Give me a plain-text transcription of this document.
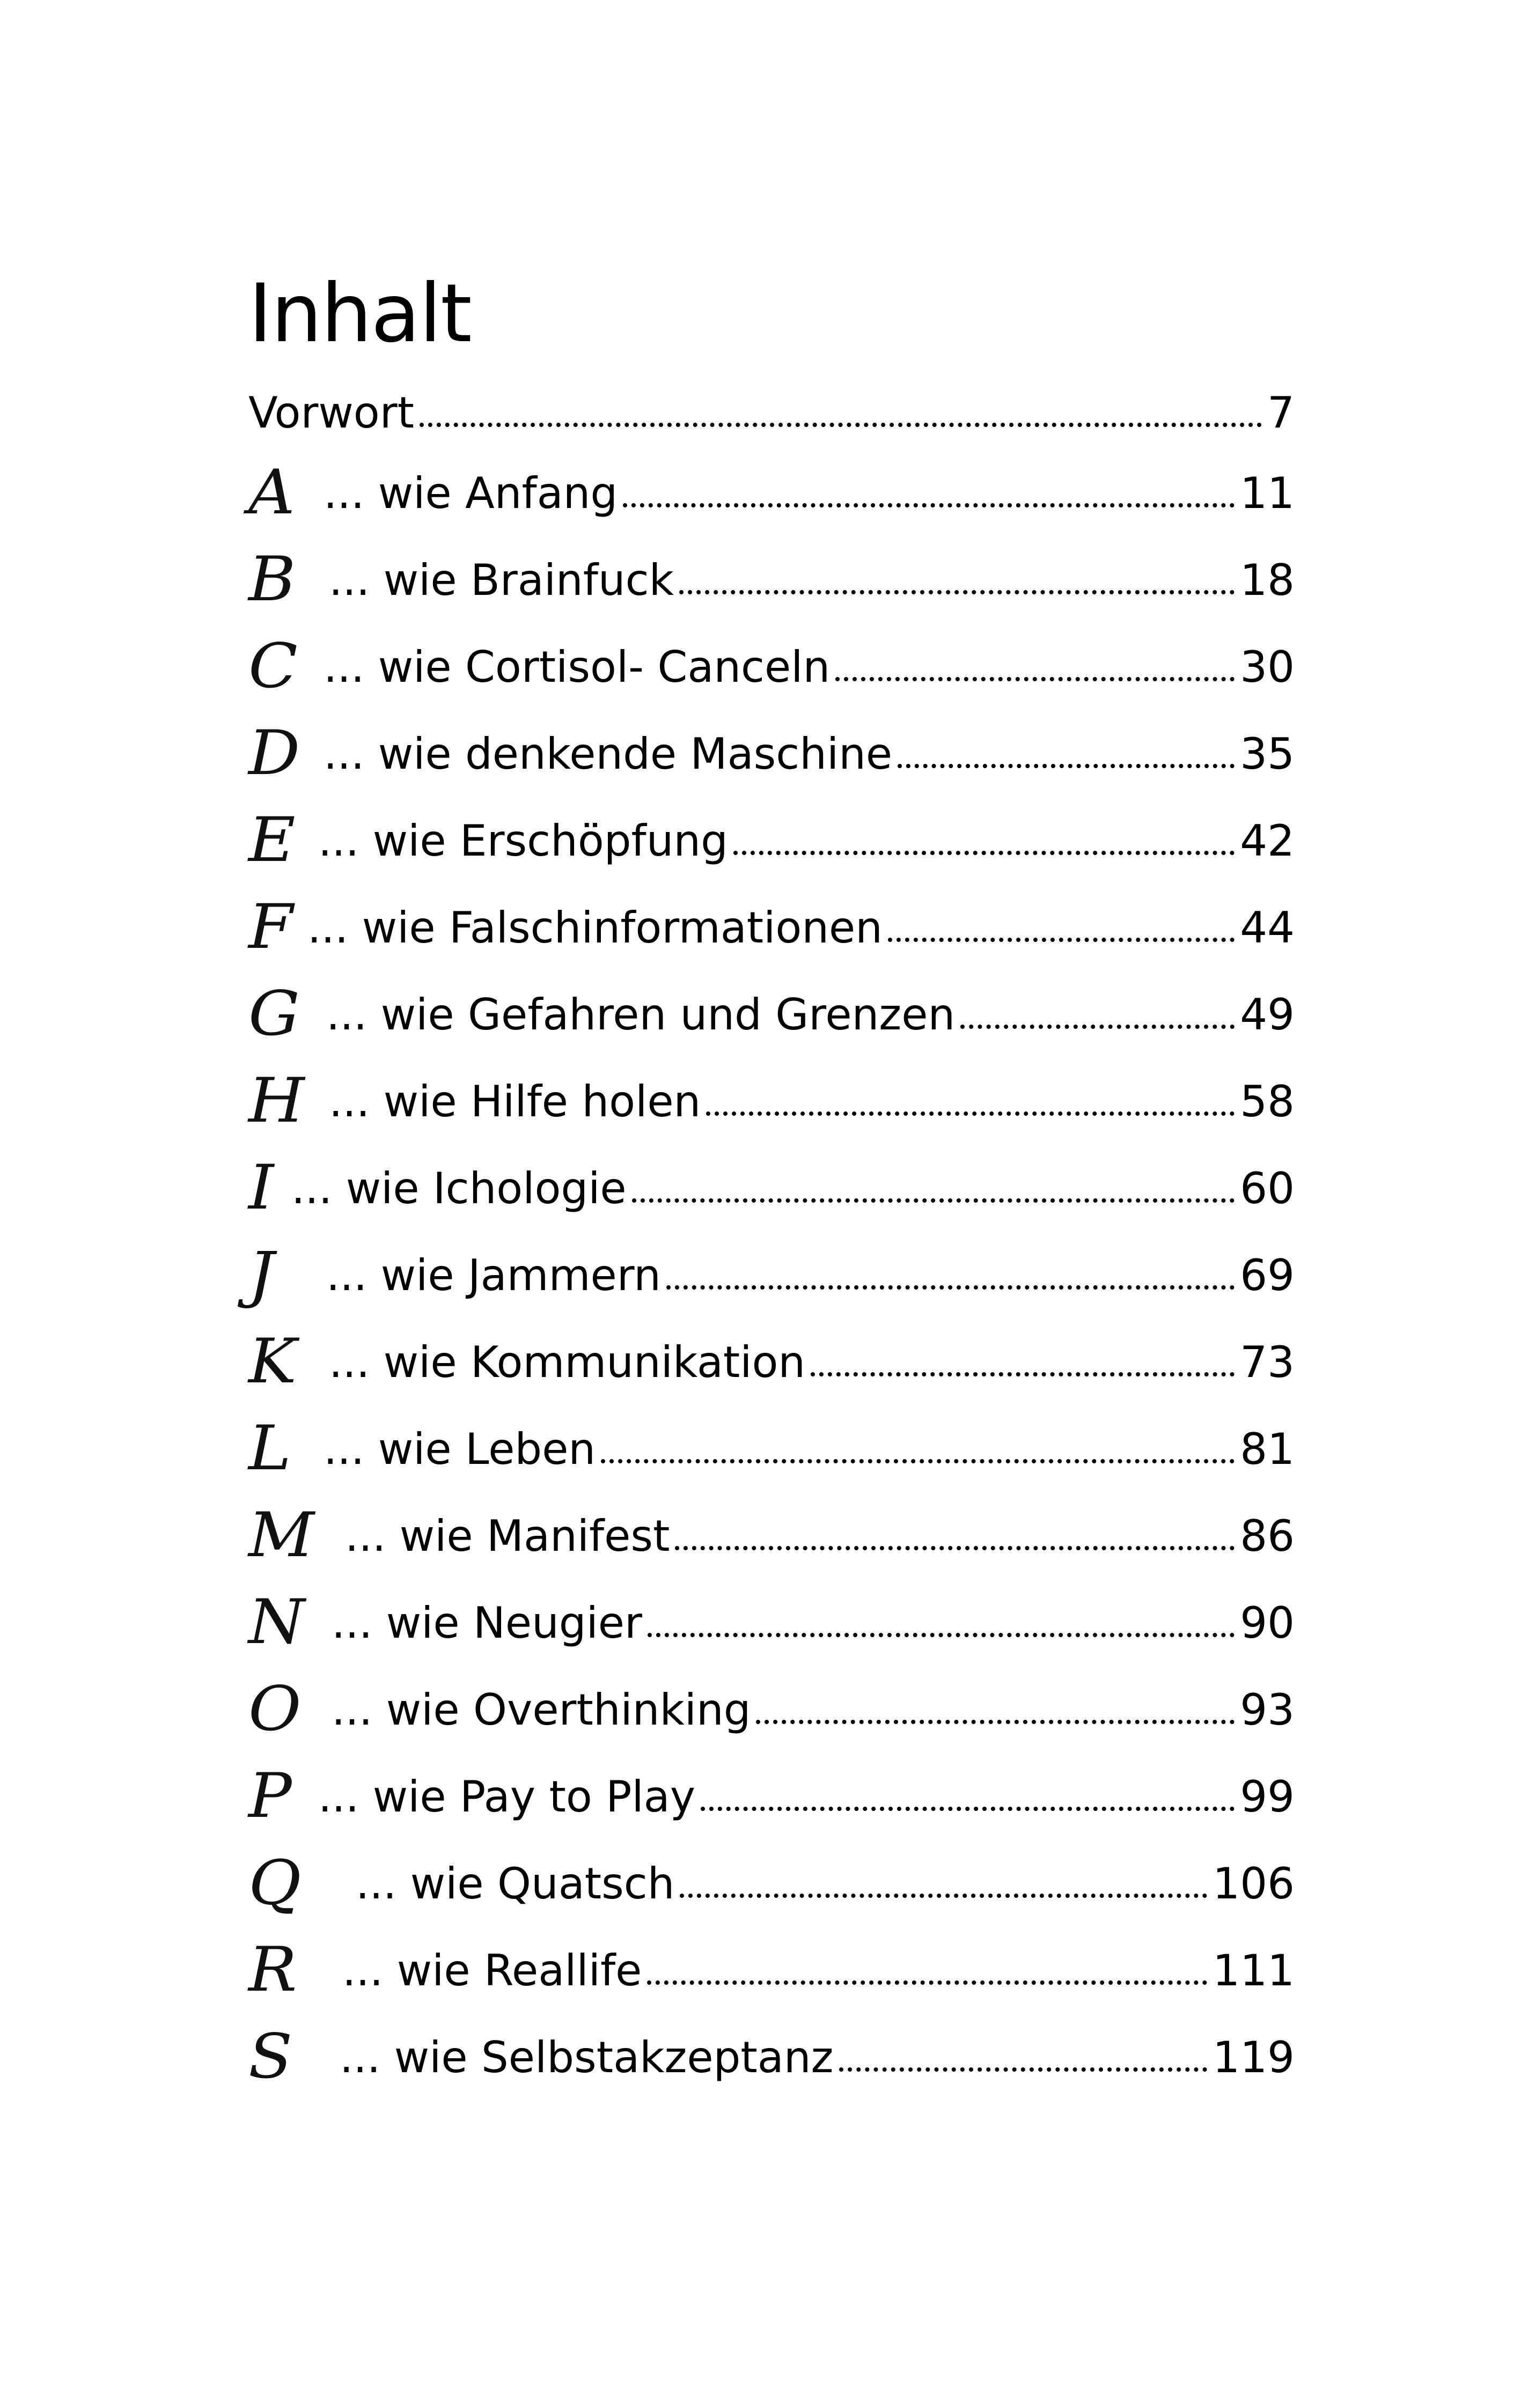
Inhalt
Vorwort	7
A ... wie Anfang	11
B ... wie Brainfuck	18
C ... wie Cortisol- Canceln	30
D ... wie denkende Maschine	35
E ... wie Erschöpfung	42
F ... wie Falschinformationen	44
G ... wie Gefahren und Grenzen	49
H ... wie Hilfe holen	58
I ... wie Ichologie	60
J	... wie Jammern	69
K ... wie Kommunikation	73
L ... wie Leben	81
M ... wie Manifest	86
N ... wie Neugier	90
O ... wie Overthinking	93
P ... wie Pay to Play	99
Q ... wie Quatsch	106
R	... wie Reallife	111
S	... wie Selbstakzeptanz	119
